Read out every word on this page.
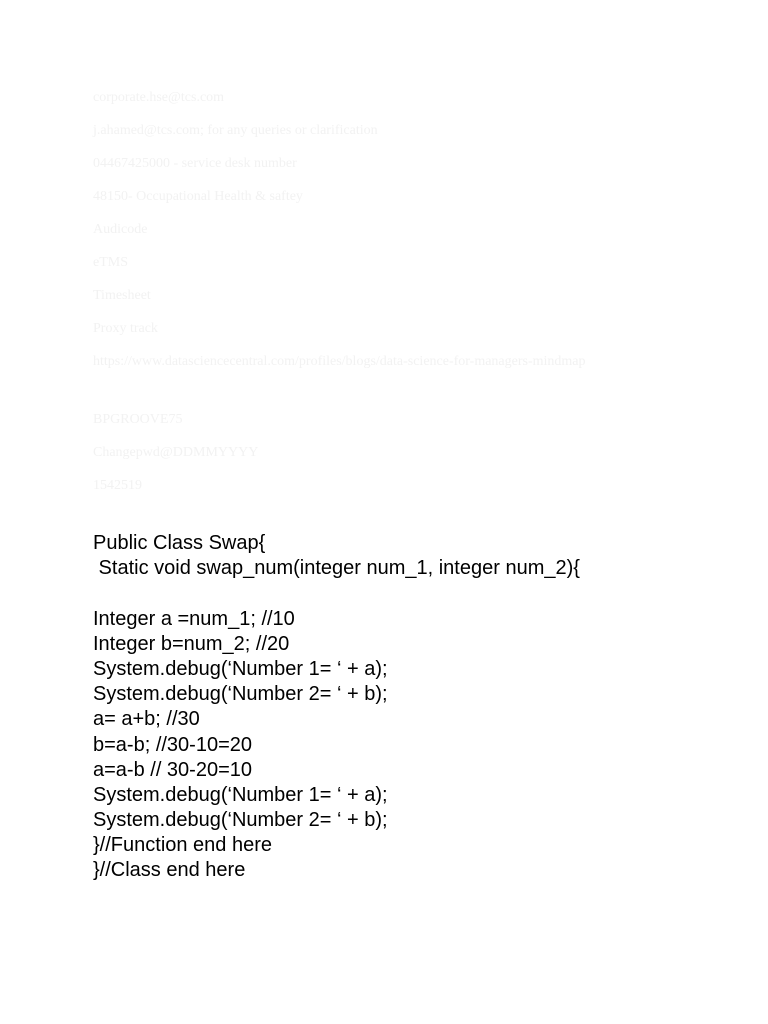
corporate.hse@tcs.com
j.ahamed@tcs.com; for any queries or clarification
04467425000 - service desk number
48150- Occupational Health & saftey
Audicode
eTMS
Timesheet
Proxy track
https://www.datasciencecentral.com/profiles/blogs/data-science-for-managers-mindmap
BPGROOVE75
Changepwd@DDMMYYYY
1542519
Public Class Swap{
Static void swap_num(integer num_1, integer num_2){
Integer a =num_1; //10
Integer b=num_2; //20
System.debug(‘Number 1= ‘ + a);
System.debug(‘Number 2= ‘ + b);
a= a+b; //30
b=a-b; //30-10=20
a=a-b // 30-20=10
System.debug(‘Number 1= ‘ + a);
System.debug(‘Number 2= ‘ + b);
}//Function end here
}//Class end here
